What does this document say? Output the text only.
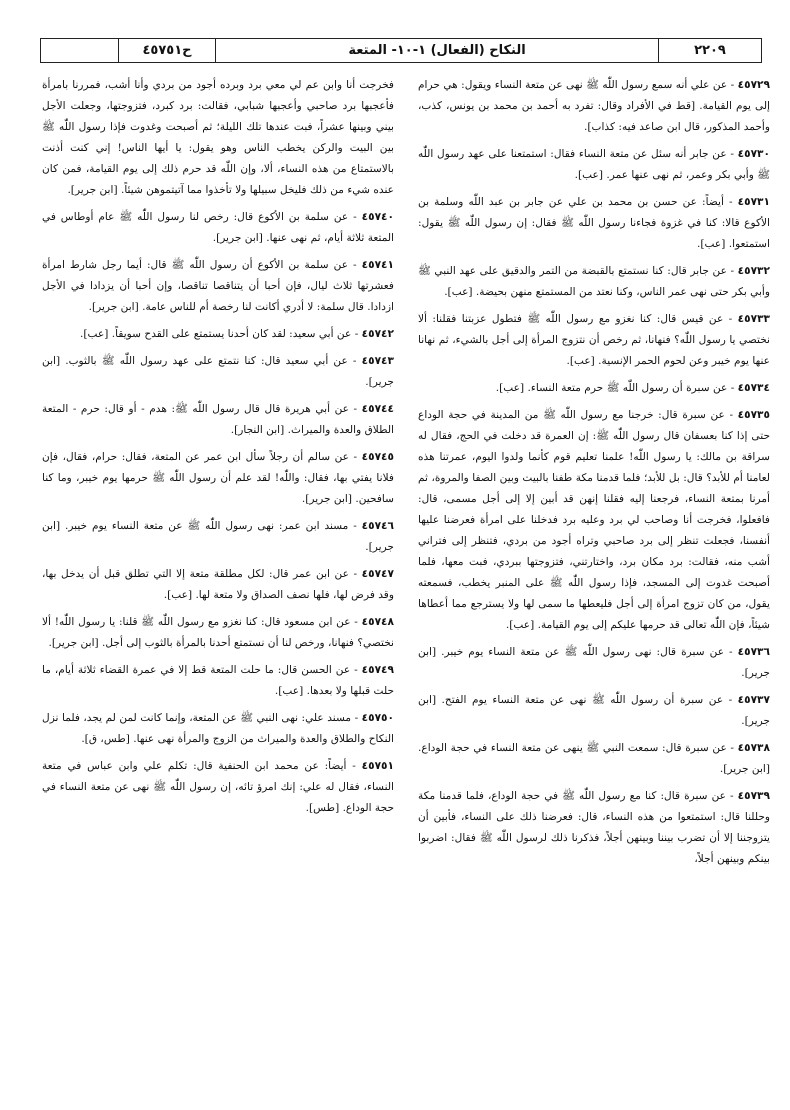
٢٢٠٩
النكاح (الفعال) ١-١٠- المتعة
ح٤٥٧٥١

٤٥٧٢٩ - عن علي أنه سمع رسول اللّٰه ﷺ نهى عن متعة النساء ويقول: هي حرام إلى يوم القيامة. [قط في الأفراد وقال: تفرد به أحمد بن محمد بن يونس، كذب، وأحمد المذكور، قال ابن صاعد فيه: كذاب].

٤٥٧٣٠ - عن جابر أنه سئل عن متعة النساء فقال: استمتعنا على عهد رسول اللّٰه ﷺ وأبي بكر وعمر، ثم نهى عنها عمر. [عب].

٤٥٧٣١ - أيضاً: عن حسن بن محمد بن علي عن جابر بن عبد اللّٰه وسلمة بن الأكوع قالا: كنا في غزوة فجاءنا رسول اللّٰه ﷺ فقال: إن رسول اللّٰه ﷺ يقول: استمتعوا. [عب].

٤٥٧٣٢ - عن جابر قال: كنا نستمتع بالقبضة من التمر والدقيق على عهد النبي ﷺ وأبي بكر حتى نهى عمر الناس، وكنا نعتد من المستمتع منهن بحيضة. [عب].

٤٥٧٣٣ - عن قيس قال: كنا نغزو مع رسول اللّٰه ﷺ فتطول عزبتنا فقلنا: ألا نختصي يا رسول اللّٰه؟ فنهانا، ثم رخص أن نتزوج المرأة إلى أجل بالشيء، ثم نهانا عنها يوم خيبر وعن لحوم الحمر الإنسية. [عب].

٤٥٧٣٤ - عن سبرة أن رسول اللّٰه ﷺ حرم متعة النساء. [عب].

٤٥٧٣٥ - عن سبرة قال: خرجنا مع رسول اللّٰه ﷺ من المدينة في حجة الوداع حتى إذا كنا بعسفان قال رسول اللّٰه ﷺ: إن العمرة قد دخلت في الحج، فقال له سراقة بن مالك: يا رسول اللّٰه! علمنا تعليم قوم كأنما ولدوا اليوم، عمرتنا هذه لعامنا أم للأبد؟ قال: بل للأبد؛ فلما قدمنا مكة طفنا بالبيت وبين الصفا والمروة، ثم أمرنا بمتعة النساء، فرجعنا إليه فقلنا إنهن قد أبين إلا إلى أجل مسمى، قال: فافعلوا، فخرجت أنا وصاحب لي برد وعليه برد فدخلنا على امرأة فعرضنا عليها أنفسنا، فجعلت تنظر إلى برد صاحبي وتراه أجود من بردي، فتنظر إلى فتراني أشب منه، فقالت: برد مكان برد، واختارتني، فتزوجتها ببردي، فبت معها، فلما أصبحت غدوت إلى المسجد، فإذا رسول اللّٰه ﷺ على المنبر يخطب، فسمعته يقول، من كان تزوج امرأة إلى أجل فليعطها ما سمى لها ولا يسترجع مما أعطاها شيئاً، فإن اللّٰه تعالى قد حرمها عليكم إلى يوم القيامة. [عب].

٤٥٧٣٦ - عن سبرة قال: نهى رسول اللّٰه ﷺ عن متعة النساء يوم خيبر. [ابن جرير].

٤٥٧٣٧ - عن سبرة أن رسول اللّٰه ﷺ نهى عن متعة النساء يوم الفتح. [ابن جرير].

٤٥٧٣٨ - عن سبرة قال: سمعت النبي ﷺ ينهى عن متعة النساء في حجة الوداع. [ابن جرير].

٤٥٧٣٩ - عن سبرة قال: كنا مع رسول اللّٰه ﷺ في حجة الوداع، فلما قدمنا مكة وحللنا قال: استمتعوا من هذه النساء، قال: فعرضنا ذلك على النساء، فأبين أن يتزوجننا إلا أن تضرب بيننا وبينهن أجلاً، فذكرنا ذلك لرسول اللّٰه ﷺ فقال: اضربوا بينكم وبينهن أجلاً،

فخرجت أنا وابن عم لي معي برد وبرده أجود من بردي وأنا أشب، فمررنا بامرأة فأعجبها برد صاحبي وأعجبها شبابي، فقالت: برد كبرد، فتزوجتها، وجعلت الأجل بيني وبينها عشراً، فبت عندها تلك الليلة؛ ثم أصبحت وغدوت فإذا رسول اللّٰه ﷺ بين البيت والركن يخطب الناس وهو يقول: يا أيها الناس! إني كنت أذنت بالاستمتاع من هذه النساء، ألا، وإن اللّٰه قد حرم ذلك إلى يوم القيامة، فمن كان عنده شيء من ذلك فليخل سبيلها ولا تأخذوا مما آتيتموهن شيئاً. [ابن جرير].

٤٥٧٤٠ - عن سلمة بن الأكوع قال: رخص لنا رسول اللّٰه ﷺ عام أوطاس في المتعة ثلاثة أيام، ثم نهى عنها. [ابن جرير].

٤٥٧٤١ - عن سلمة بن الأكوع أن رسول اللّٰه ﷺ قال: أيما رجل شارط امرأة فعشرتها ثلاث ليال، فإن أحبا أن يتناقصا تناقصا، وإن أحبا أن يزدادا في الأجل ازدادا. قال سلمة: لا أدري أكانت لنا رخصة أم للناس عامة. [ابن جرير].

٤٥٧٤٢ - عن أبي سعيد: لقد كان أحدنا يستمتع على القدح سويقاً. [عب].

٤٥٧٤٣ - عن أبي سعيد قال: كنا نتمتع على عهد رسول اللّٰه ﷺ بالثوب. [ابن جرير].

٤٥٧٤٤ - عن أبي هريرة قال قال رسول اللّٰه ﷺ: هدم - أو قال: حرم - المتعة الطلاق والعدة والميراث. [ابن النجار].

٤٥٧٤٥ - عن سالم أن رجلاً سأل ابن عمر عن المتعة، فقال: حرام، فقال، فإن فلانا يفتي بها، فقال: واللّٰه! لقد علم أن رسول اللّٰه ﷺ حرمها يوم خيبر، وما كنا سافحين. [ابن جرير].

٤٥٧٤٦ - مسند ابن عمر: نهى رسول اللّٰه ﷺ عن متعة النساء يوم خيبر. [ابن جرير].

٤٥٧٤٧ - عن ابن عمر قال: لكل مطلقة متعة إلا التي تطلق قبل أن يدخل بها، وقد فرض لها، فلها نصف الصداق ولا متعة لها. [عب].

٤٥٧٤٨ - عن ابن مسعود قال: كنا نغزو مع رسول اللّٰه ﷺ قلنا: يا رسول اللّٰه! ألا نختصي؟ فنهانا، ورخص لنا أن نستمتع أحدنا بالمرأة بالثوب إلى أجل. [ابن جرير].

٤٥٧٤٩ - عن الحسن قال: ما حلت المتعة قط إلا في عمرة القضاء ثلاثة أيام، ما حلت قبلها ولا بعدها. [عب].

٤٥٧٥٠ - مسند علي: نهى النبي ﷺ عن المتعة، وإنما كانت لمن لم يجد، فلما نزل النكاح والطلاق والعدة والميراث من الزوج والمرأة نهى عنها. [طس، ق].

٤٥٧٥١ - أيضاً: عن محمد ابن الحنفية قال: تكلم علي وابن عباس في متعة النساء، فقال له علي: إنك امرؤ تائه، إن رسول اللّٰه ﷺ نهى عن متعة النساء في حجة الوداع. [طس].
